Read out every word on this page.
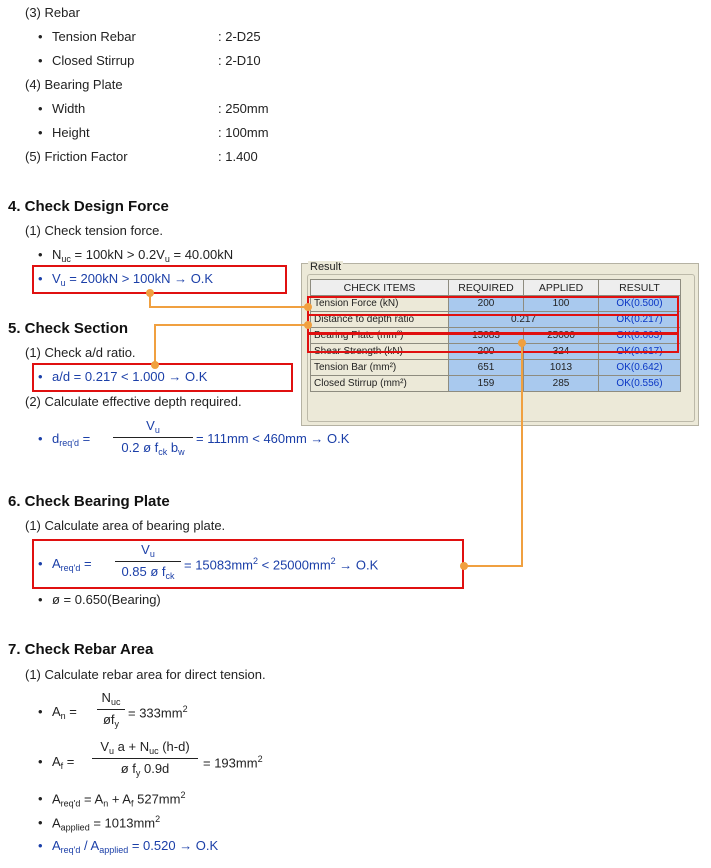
(3) Rebar
• Tension Rebar	: 2-D25
• Closed Stirrup	: 2-D10
(4) Bearing Plate
• Width	: 250mm
• Height	: 100mm
(5) Friction Factor	: 1.400
4. Check Design Force
(1) Check tension force.
• $N_{uc} = 100kN > 0.2V_u = 40.00kN$
• $V_u = 200kN > 100kN \to O.K$
5. Check Section
(1) Check a/d ratio.
• a/d = 0.217 < 1.000 → O.K
(2) Calculate effective depth required.
• $d_{req'd}$ =
$V_u$
0.2 ø $f_{ck}$ $b_w$
= 111mm < 460mm → O.K
6. Check Bearing Plate
(1) Calculate area of bearing plate.
• $A_{req'd}$ =
$V_u$
0.85 ø $f_{ck}$
= $15083mm^2 < 25000mm^2 \to O.K$
• ø = 0.650(Bearing)
7. Check Rebar Area
(1) Calculate rebar area for direct tension.
• $A_n$ =
$N_{uc}$
$øf_y$
= $333mm^2$
• $A_f$ =
$V_u$ $a + N_{uc}$ (h-d)
ø $f_y$ 0.9d	= $193mm^2$
• $A_{req'd} = A_n + A_f$ $527mm^2$
• $A_{applied} = 1013mm^2$
• $A_{req'd} / A_{applied} = 0.520 \to O.K$
Result
CHECK ITEMS	REQUIRED	APPLIED	RESULT
Tension Force (kN)	200	100	OK(0.500)
Distance to depth ratio	0.217		OK(0.217)
Bearing Plate (mm²)	15083	25000	OK(0.603)
Shear Strength (kN)	200	324	OK(0.617)
Tension Bar (mm²)	651	1013	OK(0.642)
Closed Stirrup (mm²)	159	285	OK(0.556)
